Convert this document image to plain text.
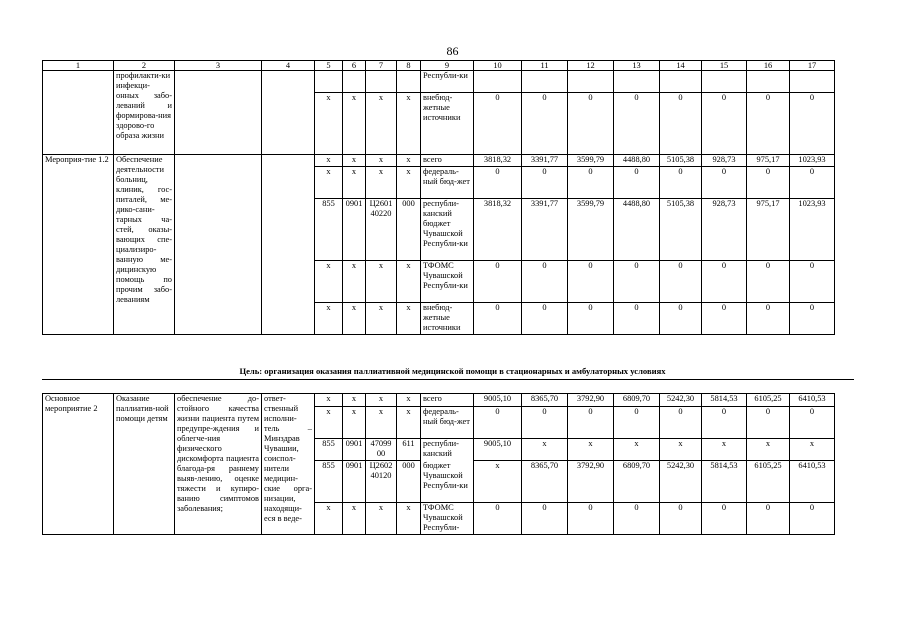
86
1	2	3	4	5	6	7	8	9	10	11	12	13	14	15	16	17
	профилакти-ки инфекци-онных забо-леваний и формирова-ния здорово-го образа жизни							Республи-ки								
				х	х	х	х	внебюд-жетные источники	0	0	0	0	0	0	0	0
Мероприя-тие 1.2	Обеспечение деятельности больниц, клиник, гос-питалей, ме-дико-сани-тарных ча-стей, оказы-вающих спе-циализиро-ванную ме-дицинскую помощь по прочим забо-леваниям			х	х	х	х	всего	3818,32	3391,77	3599,79	4488,80	5105,38	928,73	975,17	1023,93
				х	х	х	х	федераль-ный бюд-жет	0	0	0	0	0	0	0	0
				855	0901	Ц2601 40220	000	республи-канский бюджет Чувашской Республи-ки	3818,32	3391,77	3599,79	4488,80	5105,38	928,73	975,17	1023,93
				х	х	х	х	ТФОМС Чувашской Республи-ки	0	0	0	0	0	0	0	0
				х	х	х	х	внебюд-жетные источники	0	0	0	0	0	0	0	0
Цель: организация оказания паллиативной медицинской помощи в стационарных и амбулаторных условиях
Основное мероприятие 2	Оказание паллиатив-ной помощи детям	обеспечение до-стойного качества жизни пациента путем предупре-ждения и облегче-ния физического дискомфорта пациента благода-ря раннему выяв-лению, оценке тяжести и купиро-ванию симптомов заболевания;	ответ-ственный исполни-тель – Минздрав Чувашии, соиспол-нители медицин-ские орга-низации, находящи-еся в веде-	х	х	х	х	всего	9005,10	8365,70	3792,90	6809,70	5242,30	5814,53	6105,25	6410,53
				х	х	х	х	федераль-ный бюд-жет	0	0	0	0	0	0	0	0
				855	0901	47099 00	611	республи-канский	9005,10	х	х	х	х	х	х	х
				855	0901	Ц2602 40120	000	бюджет Чувашской Республи-ки	х	8365,70	3792,90	6809,70	5242,30	5814,53	6105,25	6410,53
				х	х	х	х	ТФОМС Чувашской Республи-	0	0	0	0	0	0	0	0
